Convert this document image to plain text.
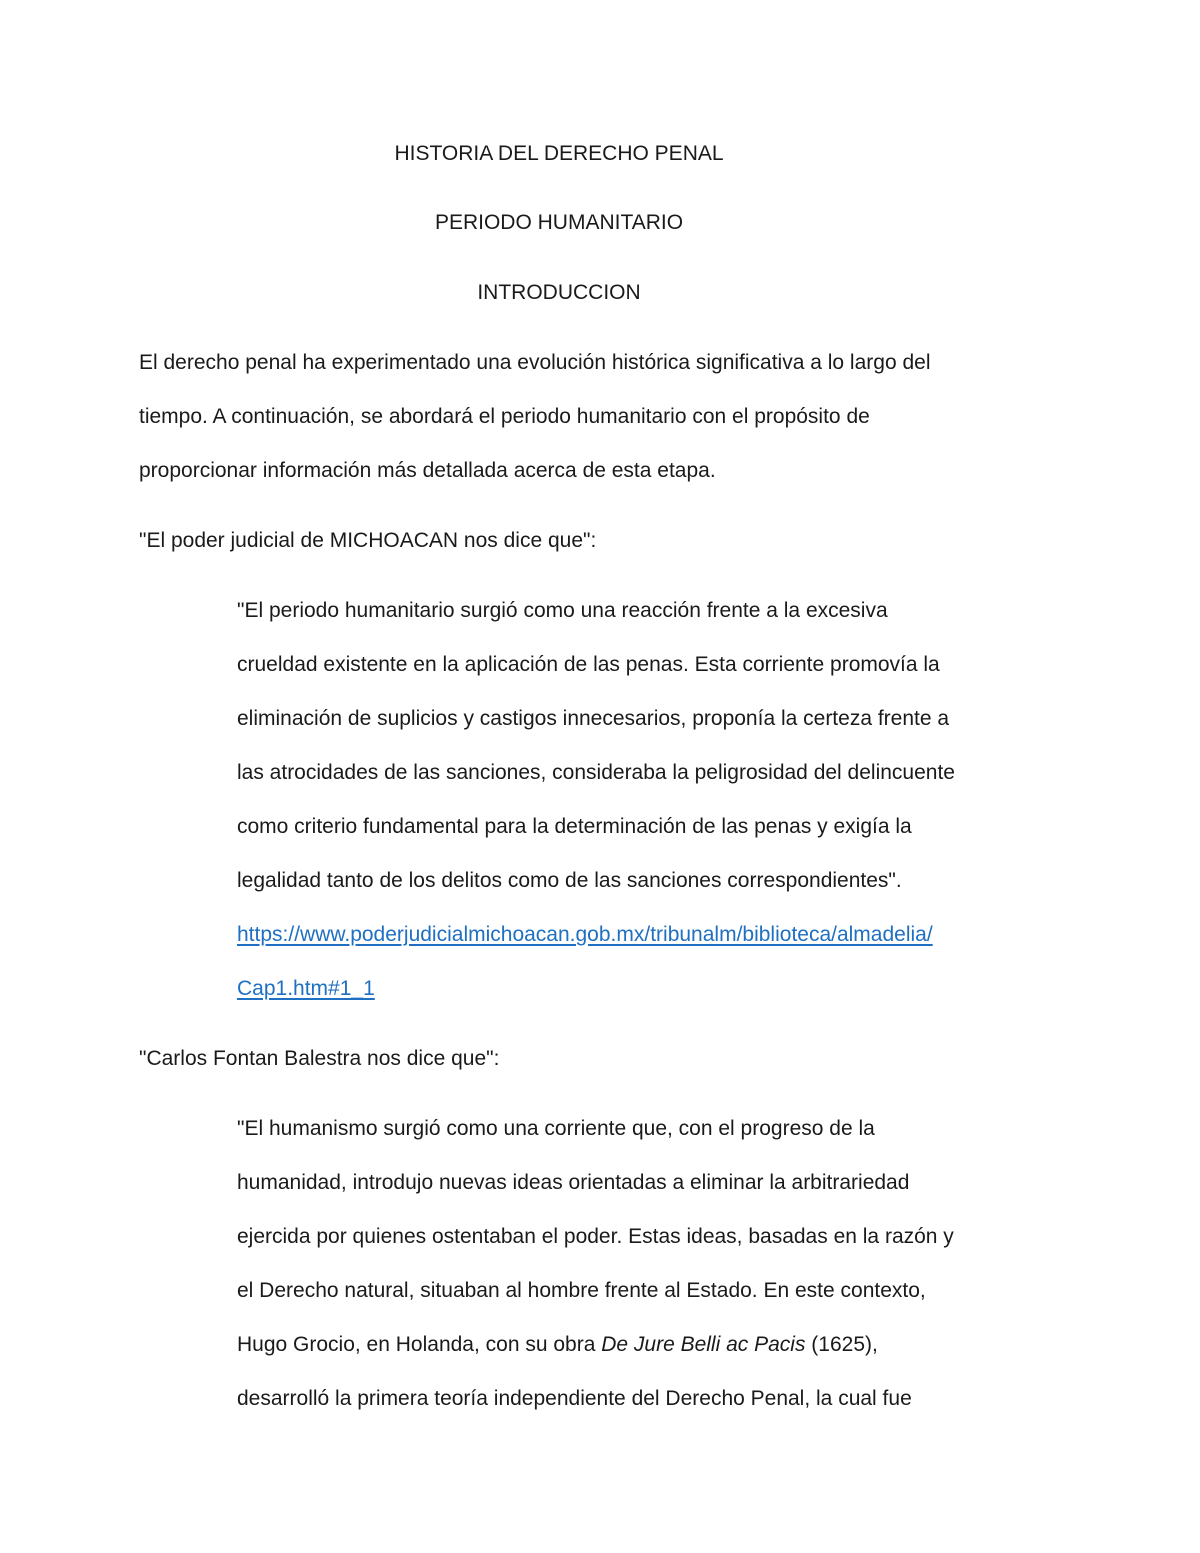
HISTORIA DEL DERECHO PENAL

PERIODO HUMANITARIO

INTRODUCCION

El derecho penal ha experimentado una evolución histórica significativa a lo largo del

tiempo. A continuación, se abordará el periodo humanitario con el propósito de

proporcionar información más detallada acerca de esta etapa.

"El poder judicial de MICHOACAN nos dice que":

"El periodo humanitario surgió como una reacción frente a la excesiva

crueldad existente en la aplicación de las penas. Esta corriente promovía la

eliminación de suplicios y castigos innecesarios, proponía la certeza frente a

las atrocidades de las sanciones, consideraba la peligrosidad del delincuente

como criterio fundamental para la determinación de las penas y exigía la

legalidad tanto de los delitos como de las sanciones correspondientes".

https://www.poderjudicialmichoacan.gob.mx/tribunalm/biblioteca/almadelia/

Cap1.htm#1_1

"Carlos Fontan Balestra nos dice que":

"El humanismo surgió como una corriente que, con el progreso de la

humanidad, introdujo nuevas ideas orientadas a eliminar la arbitrariedad

ejercida por quienes ostentaban el poder. Estas ideas, basadas en la razón y

el Derecho natural, situaban al hombre frente al Estado. En este contexto,

Hugo Grocio, en Holanda, con su obra De Jure Belli ac Pacis (1625),

desarrolló la primera teoría independiente del Derecho Penal, la cual fue
